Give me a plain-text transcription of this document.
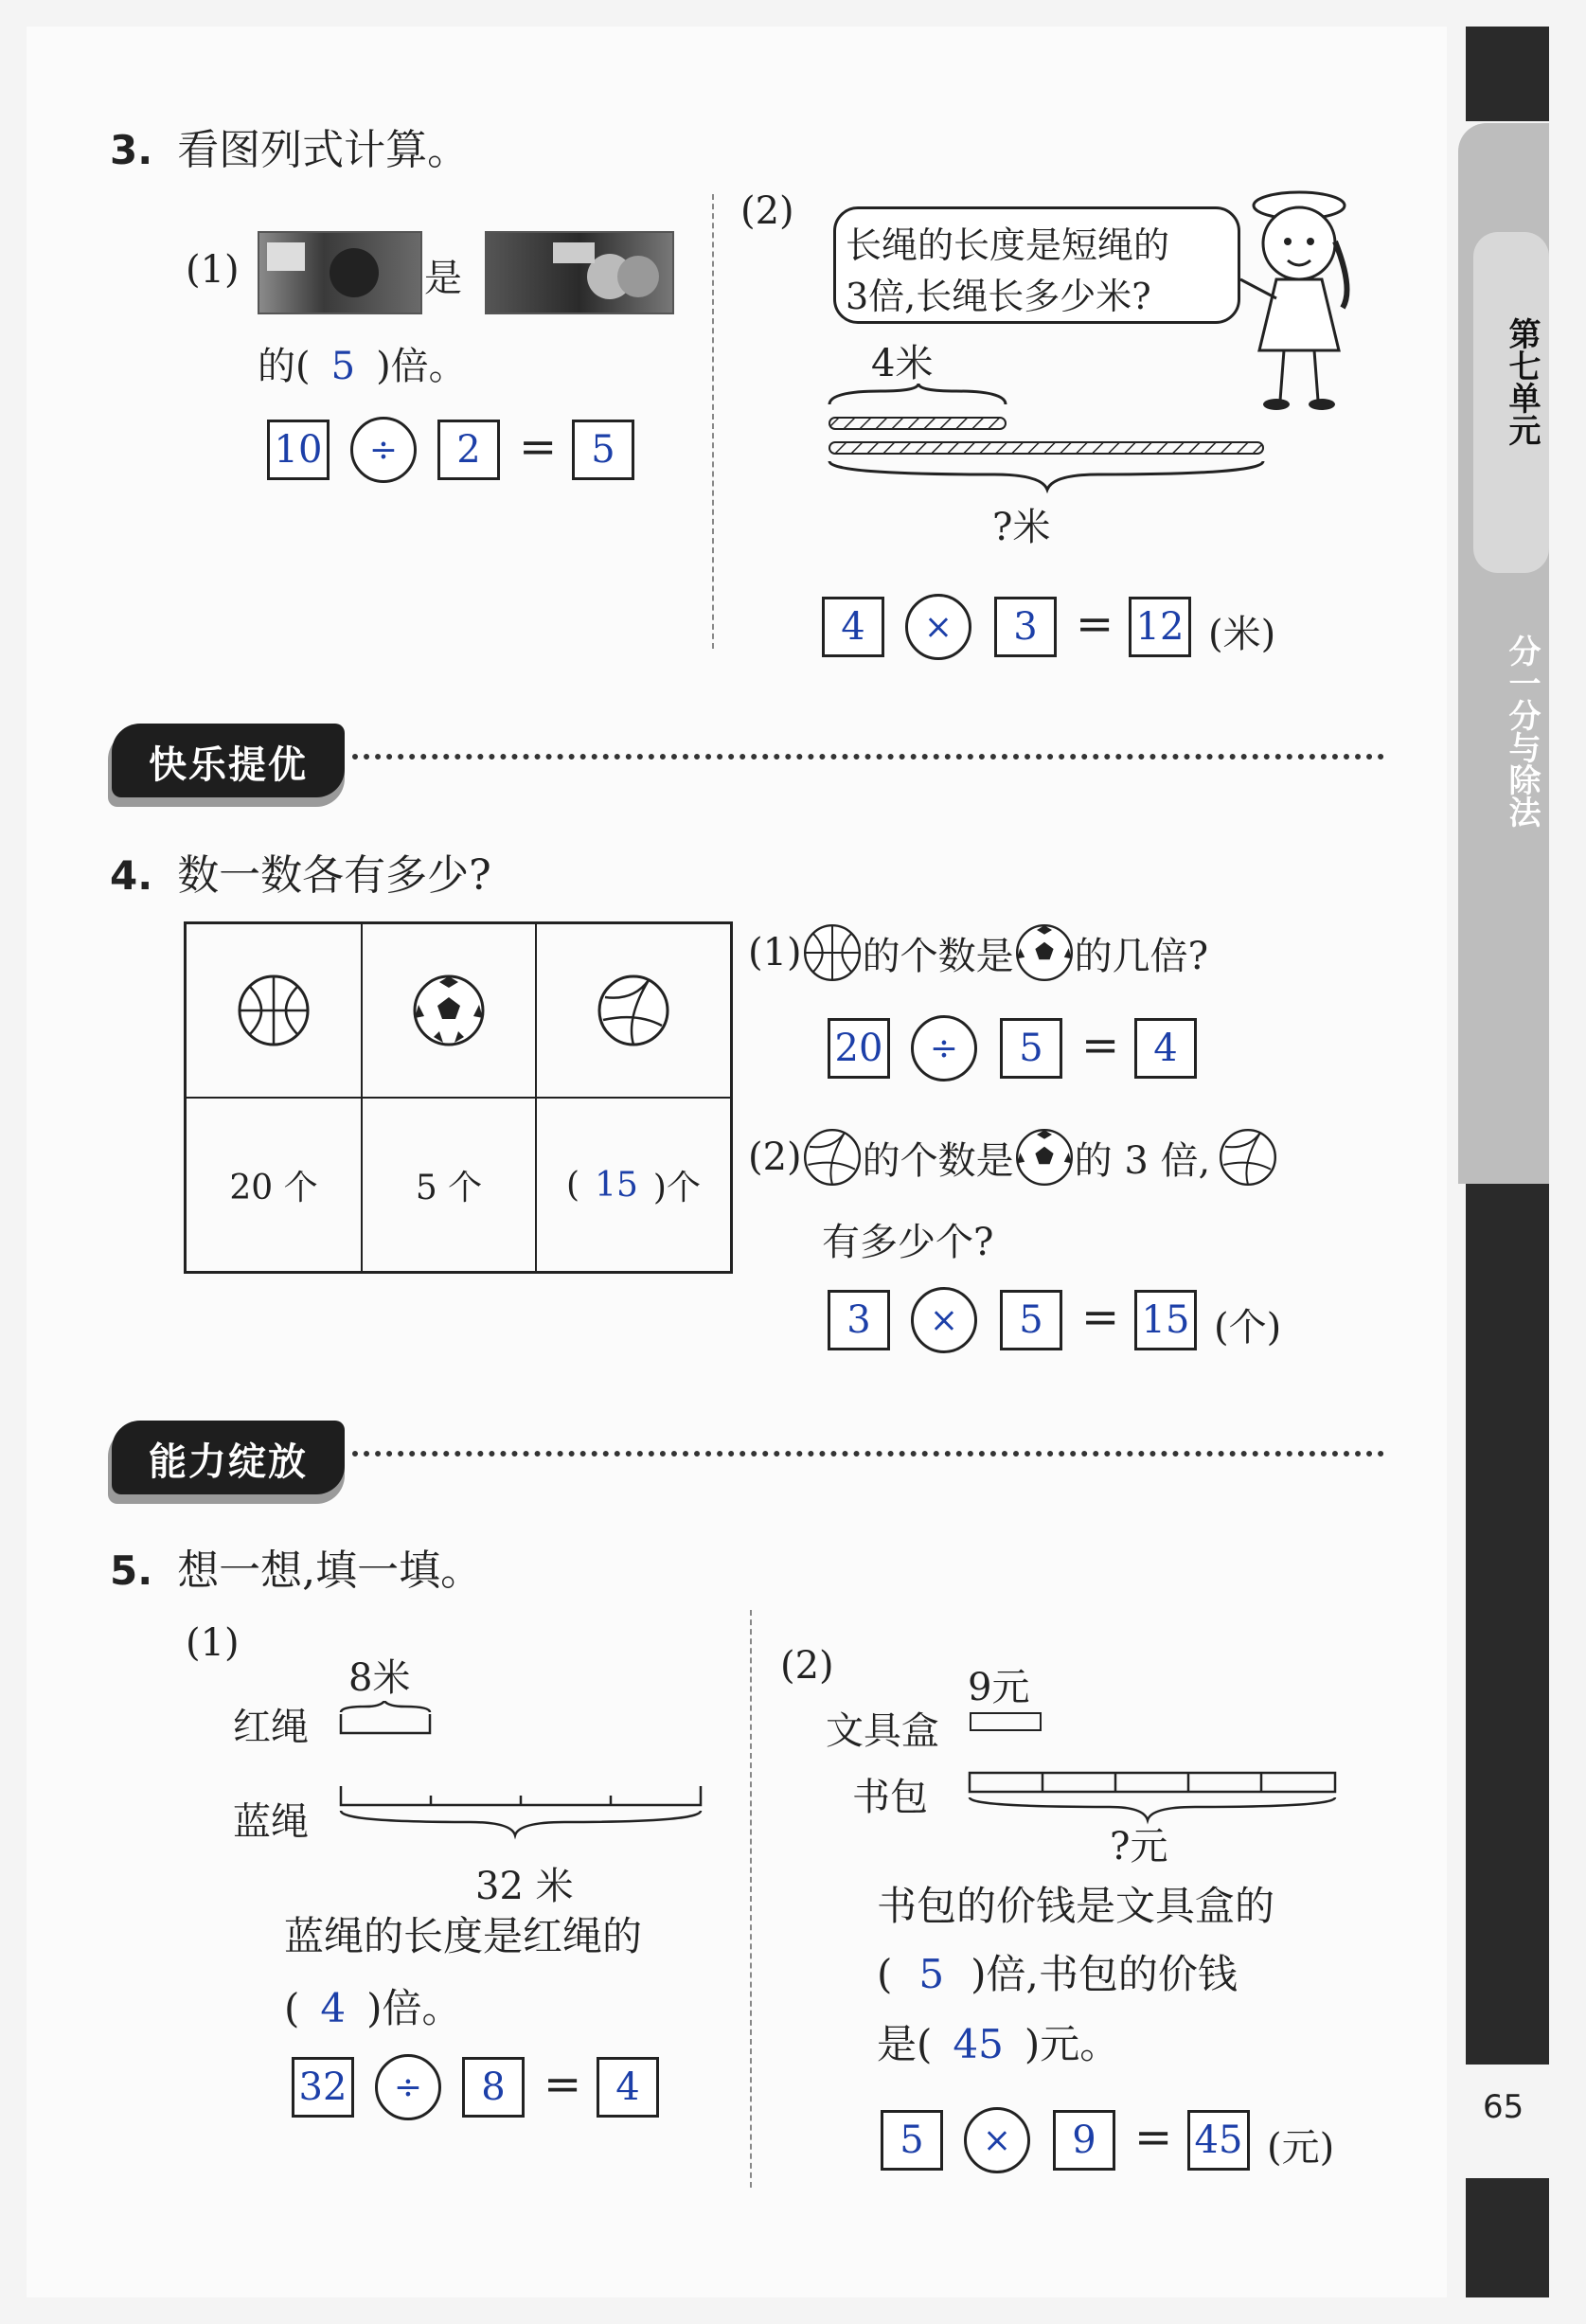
第七单元
分一分与除法
65
3. 看图列式计算。
(1)	是
的( 5 )倍。
10	÷	2 = 5
(2)
长绳的长度是短绳的
3倍,长绳长多少米?
4米
?米
4	×	3 = 12 (米)
快乐提优
4. 数一数各有多少?
20 个	5 个	( 15 )个
(1) 的个数是 的几倍?
20	÷	5 = 4
(2) 的个数是 的 3 倍,
有多少个?
3	×	5 = 15 (个)
能力绽放
5. 想一想,填一填。
(1)
8米
红绳
蓝绳
32 米
蓝绳的长度是红绳的
( 4 )倍。
32	÷	8 = 4
(2)	9元
文具盒
书包
?元
书包的价钱是文具盒的
( 5 )倍,书包的价钱
是( 45 )元。
5	×	9 = 45 (元)
